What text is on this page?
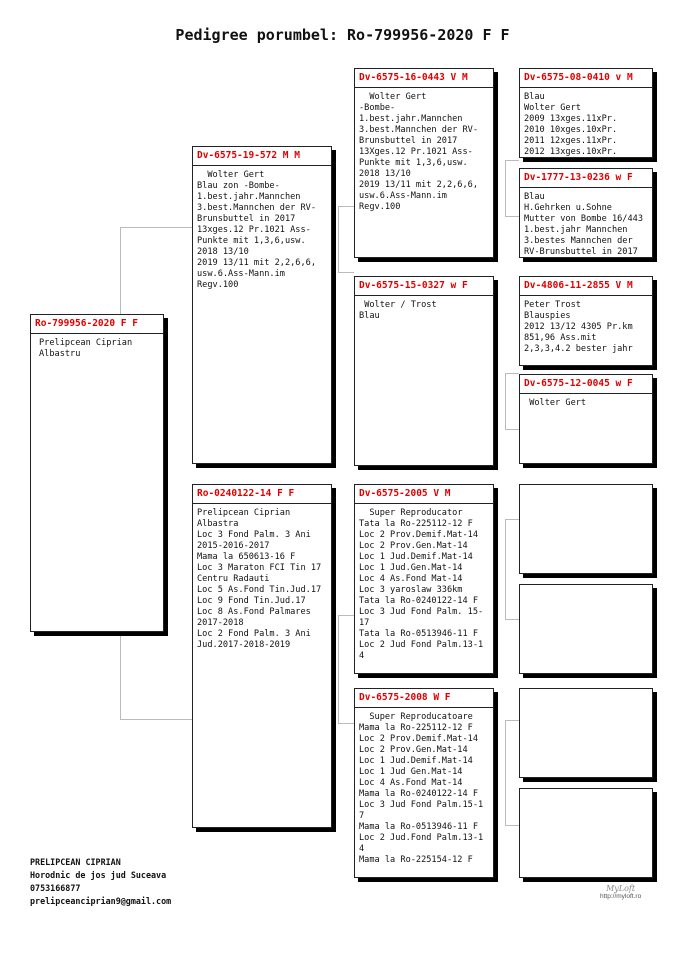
Pedigree porumbel: Ro-799956-2020 F F
Ro-799956-2020 F F
Prelipcean Ciprian
Albastru
Dv-6575-19-572 M M
Wolter Gert
Blau zon -Bombe-
1.best.jahr.Mannchen
3.best.Mannchen der RV-
Brunsbuttel in 2017
13xges.12 Pr.1021 Ass-
Punkte mit 1,3,6,usw.
2018 13/10
2019 13/11 mit 2,2,6,6,
usw.6.Ass-Mann.im
Regv.100
Ro-0240122-14 F F
Prelipcean Ciprian
Albastra
Loc 3 Fond Palm. 3 Ani
2015-2016-2017
Mama la 650613-16 F
Loc 3 Maraton FCI Tin 17
Centru Radauti
Loc 5 As.Fond Tin.Jud.17
Loc 9 Fond Tin.Jud.17
Loc 8 As.Fond Palmares
2017-2018
Loc 2 Fond Palm. 3 Ani
Jud.2017-2018-2019
Dv-6575-16-0443 V M
Wolter Gert
-Bombe-
1.best.jahr.Mannchen
3.best.Mannchen der RV-
Brunsbuttel in 2017
13Xges.12 Pr.1021 Ass-
Punkte mit 1,3,6,usw.
2018 13/10
2019 13/11 mit 2,2,6,6,
usw.6.Ass-Mann.im
Regv.100
Dv-6575-15-0327 w F
Wolter / Trost
Blau
Dv-6575-2005 V M
Super Reproducator
Tata la Ro-225112-12 F
Loc 2 Prov.Demif.Mat-14
Loc 2 Prov.Gen.Mat-14
Loc 1 Jud.Demif.Mat-14
Loc 1 Jud.Gen.Mat-14
Loc 4 As.Fond Mat-14
Loc 3 yaroslaw 336km
Tata la Ro-0240122-14 F
Loc 3 Jud Fond Palm. 15-
17
Tata la Ro-0513946-11 F
Loc 2 Jud Fond Palm.13-1
4
Dv-6575-2008 W F
Super Reproducatoare
Mama la Ro-225112-12 F
Loc 2 Prov.Demif.Mat-14
Loc 2 Prov.Gen.Mat-14
Loc 1 Jud.Demif.Mat-14
Loc 1 Jud Gen.Mat-14
Loc 4 As.Fond Mat-14
Mama la Ro-0240122-14 F
Loc 3 Jud Fond Palm.15-1
7
Mama la Ro-0513946-11 F
Loc 2 Jud.Fond Palm.13-1
4
Mama la Ro-225154-12 F
Dv-6575-08-0410 v M
Blau
Wolter Gert
2009 13xges.11xPr.
2010 10xges.10xPr.
2011 12xges.11xPr.
2012 13xges.10xPr.
Dv-1777-13-0236 w F
Blau
H.Gehrken u.Sohne
Mutter von Bombe 16/443
1.best.jahr Mannchen
3.bestes Mannchen der
RV-Brunsbuttel in 2017
Dv-4806-11-2855 V M
Peter Trost
Blauspies
2012 13/12 4305 Pr.km
851,96 Ass.mit
2,3,3,4.2 bester jahr
Dv-6575-12-0045 w F
Wolter Gert
PRELIPCEAN CIPRIAN
Horodnic de jos jud Suceava
0753166877
prelipceanciprian9@gmail.com
MyLoft
http://myloft.ro
